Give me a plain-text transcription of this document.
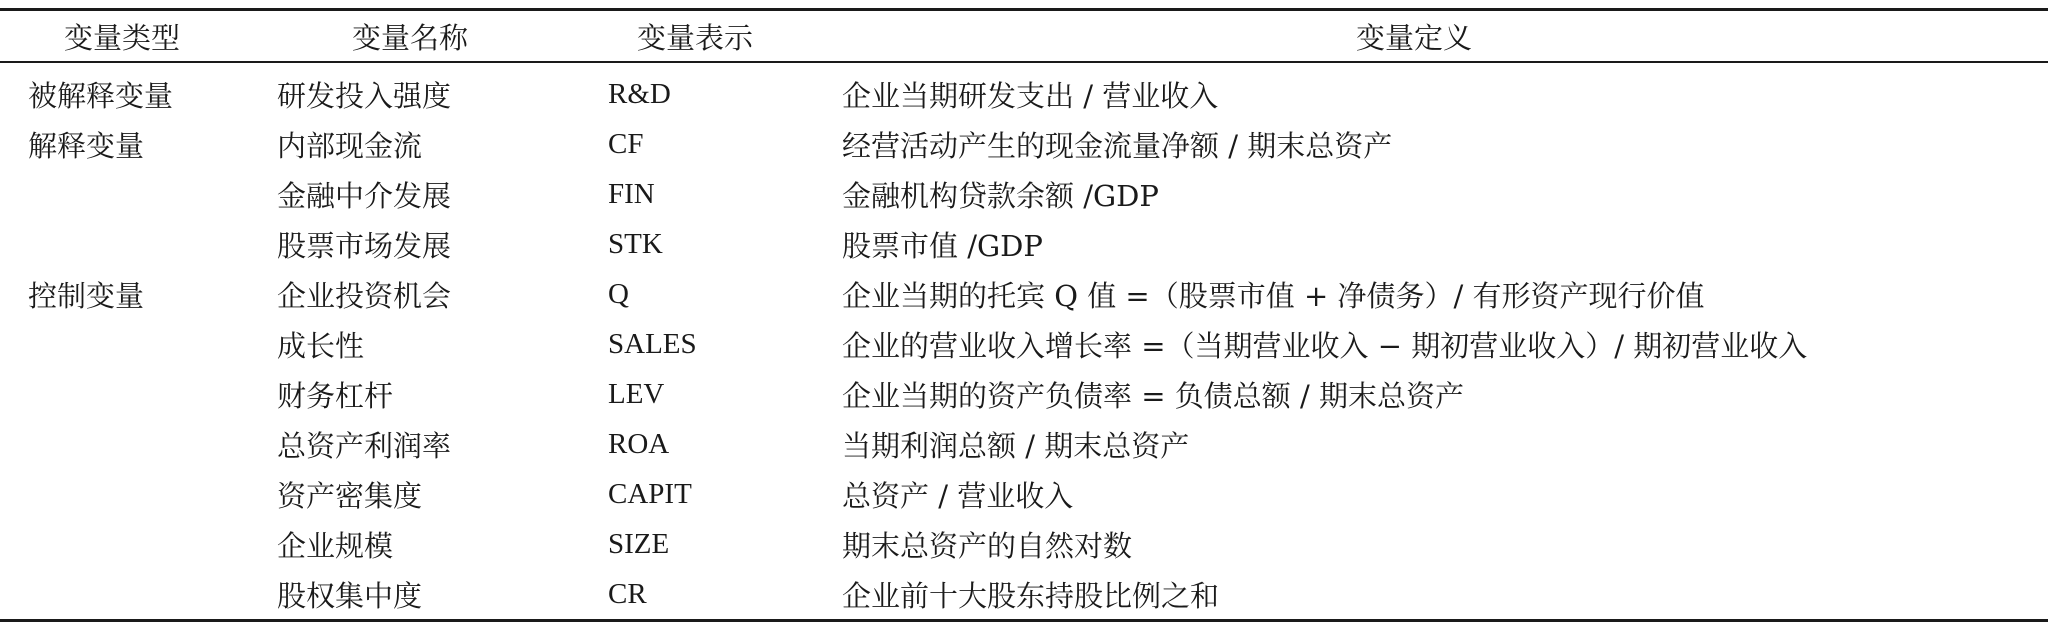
变量类型	变量名称	变量表示	变量定义
被解释变量	研发投入强度	R&D	企业当期研发支出 / 营业收入
解释变量	内部现金流	CF	经营活动产生的现金流量净额 / 期末总资产
	金融中介发展	FIN	金融机构贷款余额 /GDP
	股票市场发展	STK	股票市值 /GDP
控制变量	企业投资机会	Q	企业当期的托宾 Q 值 =（股票市值 + 净债务）/ 有形资产现行价值
	成长性	SALES	企业的营业收入增长率 =（当期营业收入 − 期初营业收入）/ 期初营业收入
	财务杠杆	LEV	企业当期的资产负债率 = 负债总额 / 期末总资产
	总资产利润率	ROA	当期利润总额 / 期末总资产
	资产密集度	CAPIT	总资产 / 营业收入
	企业规模	SIZE	期末总资产的自然对数
	股权集中度	CR	企业前十大股东持股比例之和
